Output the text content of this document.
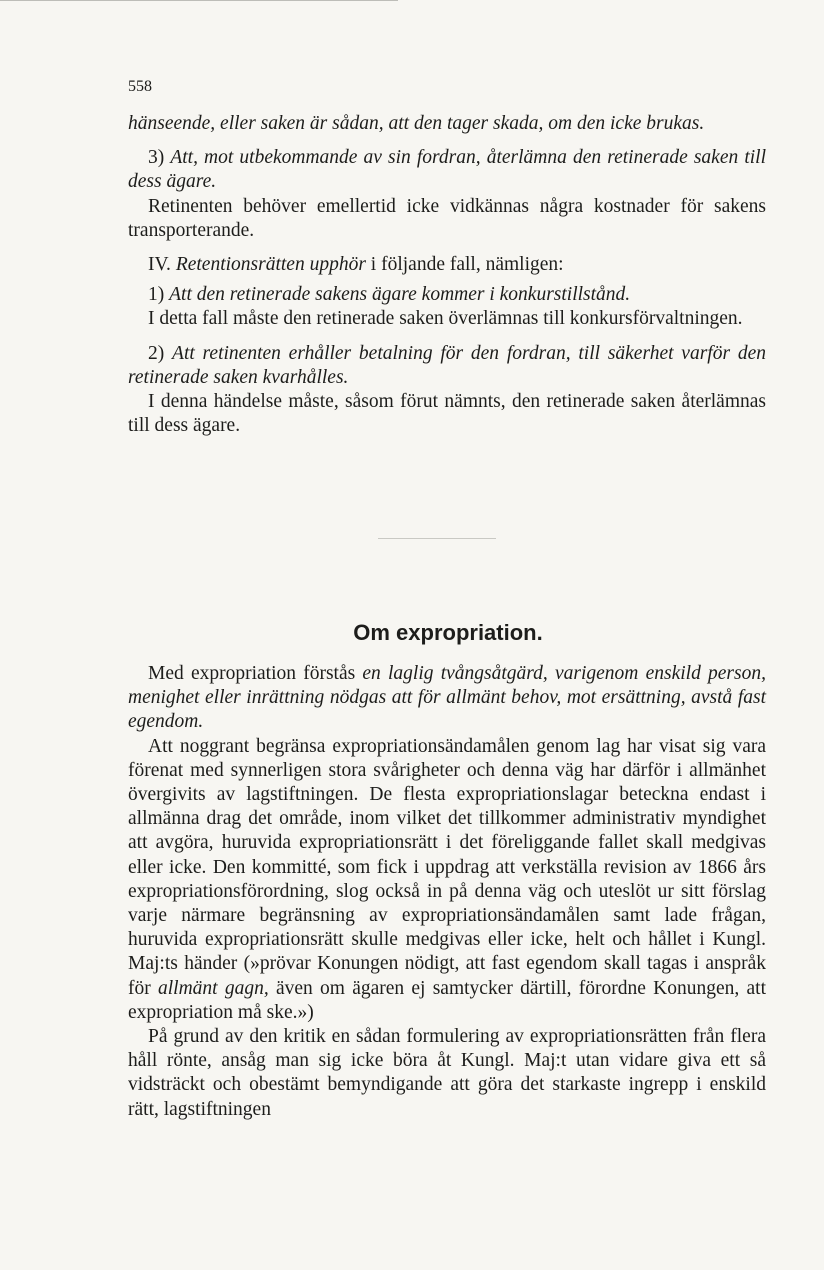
558

hänseende, eller saken är sådan, att den tager skada, om den icke brukas.

3) Att, mot utbekommande av sin fordran, återlämna den retinerade saken till dess ägare.

Retinenten behöver emellertid icke vidkännas några kostnader för sakens transporterande.

IV. Retentionsrätten upphör i följande fall, nämligen:

1) Att den retinerade sakens ägare kommer i konkurstillstånd.

I detta fall måste den retinerade saken överlämnas till konkursförvaltningen.

2) Att retinenten erhåller betalning för den fordran, till säkerhet varför den retinerade saken kvarhålles.

I denna händelse måste, såsom förut nämnts, den retinerade saken återlämnas till dess ägare.

Om expropriation.

Med expropriation förstås en laglig tvångsåtgärd, varigenom enskild person, menighet eller inrättning nödgas att för allmänt behov, mot ersättning, avstå fast egendom.

Att noggrant begränsa expropriationsändamålen genom lag har visat sig vara förenat med synnerligen stora svårigheter och denna väg har därför i allmänhet övergivits av lagstiftningen. De flesta expropriationslagar beteckna endast i allmänna drag det område, inom vilket det tillkommer administrativ myndighet att avgöra, huruvida expropriationsrätt i det föreliggande fallet skall medgivas eller icke. Den kommitté, som fick i uppdrag att verkställa revision av 1866 års expropriationsförordning, slog också in på denna väg och uteslöt ur sitt förslag varje närmare begränsning av expropriationsändamålen samt lade frågan, huruvida expropriationsrätt skulle medgivas eller icke, helt och hållet i Kungl. Maj:ts händer (»prövar Konungen nödigt, att fast egendom skall tagas i anspråk för allmänt gagn, även om ägaren ej samtycker därtill, förordne Konungen, att expropriation må ske.»)

På grund av den kritik en sådan formulering av expropriationsrätten från flera håll rönte, ansåg man sig icke böra åt Kungl. Maj:t utan vidare giva ett så vidsträckt och obestämt bemyndigande att göra det starkaste ingrepp i enskild rätt, lagstiftningen
